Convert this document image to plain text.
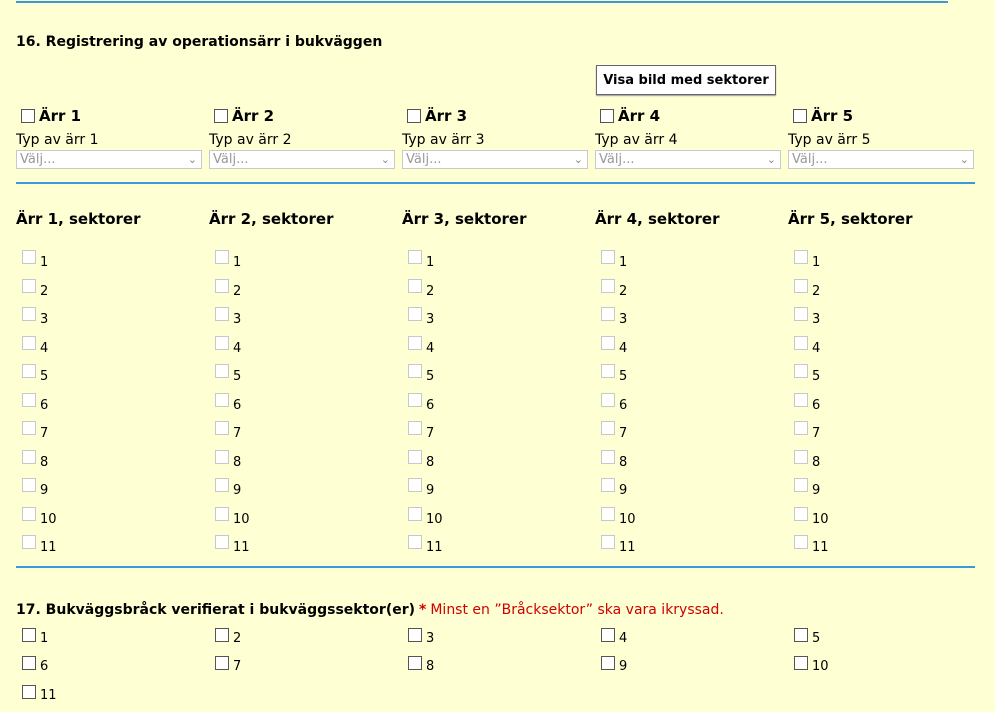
16. Registrering av operationsärr i bukväggen
Visa bild med sektorer
Ärr 1
Typ av ärr 1
Välj...	⌄
Ärr 1, sektorer
1
2
3
4
5
6
7
8
9
10
11
Ärr 2
Typ av ärr 2
Välj...	⌄
Ärr 2, sektorer
1
2
3
4
5
6
7
8
9
10
11
Ärr 3
Typ av ärr 3
Välj...	⌄
Ärr 3, sektorer
1
2
3
4
5
6
7
8
9
10
11
Ärr 4
Typ av ärr 4
Välj...	⌄
Ärr 4, sektorer
1
2
3
4
5
6
7
8
9
10
11
Ärr 5
Typ av ärr 5
Välj...	⌄
Ärr 5, sektorer
1
2
3
4
5
6
7
8
9
10
11
17. Bukväggsbråck verifierat i bukväggssektor(er) * Minst en ”Bråcksektor” ska vara ikryssad.
1	2	3	4	5
6	7	8	9	10
11
